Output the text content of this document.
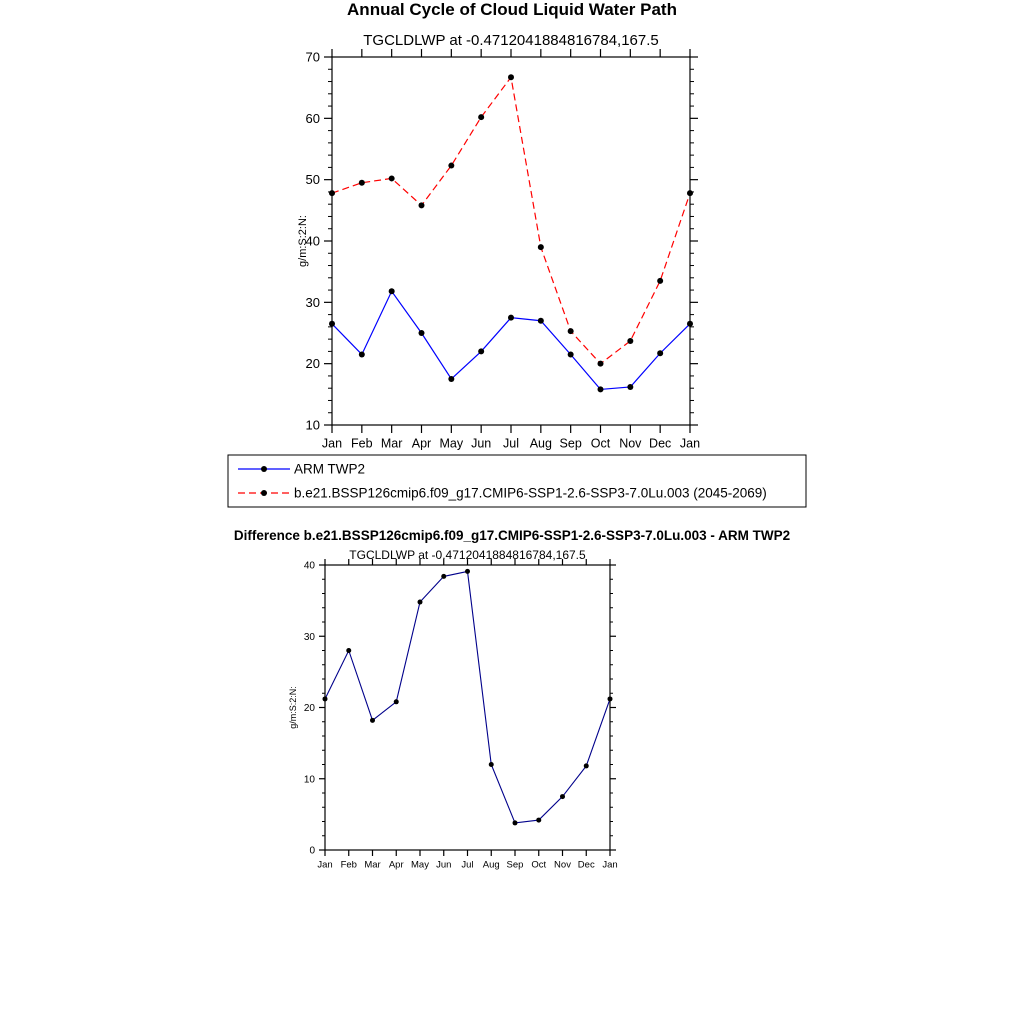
Annual Cycle of Cloud Liquid Water Path
TGCLDLWP at -0.4712041884816784,167.5
Difference b.e21.BSSP126cmip6.f09_g17.CMIP6-SSP1-2.6-SSP3-7.0Lu.003 - ARM TWP2
TGCLDLWP at -0.4712041884816784,167.5
10
20
30
40
50
60
70
Jan Feb Mar Apr May Jun Jul Aug Sep Oct Nov Dec Jan
g/m:S:2:N:
ARM TWP2
b.e21.BSSP126cmip6.f09_g17.CMIP6-SSP1-2.6-SSP3-7.0Lu.003 (2045-2069)
0
10
20
30
40
Jan Feb Mar Apr May Jun Jul Aug Sep Oct Nov Dec Jan
g/m:S:2:N:
